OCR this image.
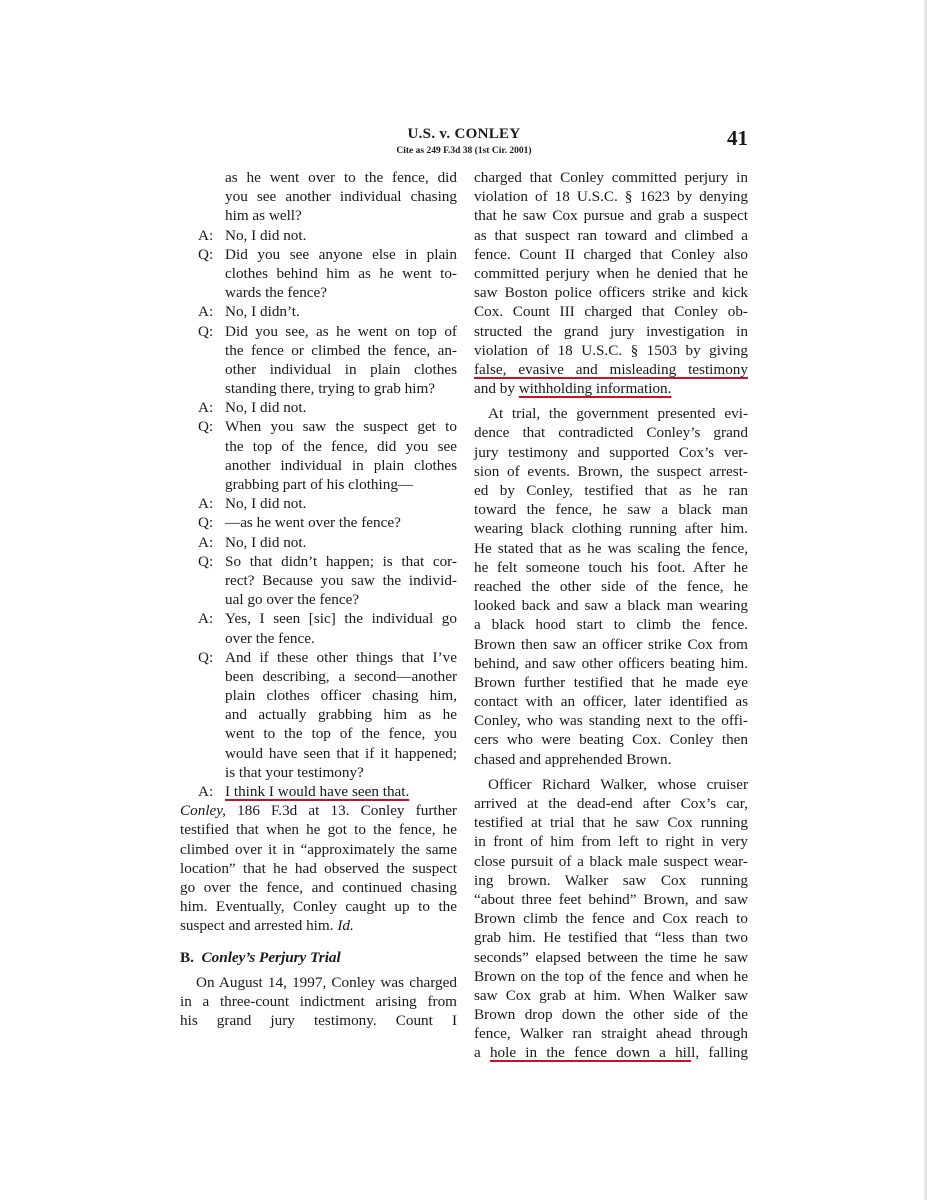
U.S. v. CONLEY
Cite as 249 F.3d 38 (1st Cir. 2001)
41
as he went over to the fence, did
you see another individual chasing
him as well?
A: No, I did not.
Q: Did you see anyone else in plain
clothes behind him as he went to-
wards the fence?
A: No, I didn’t.
Q: Did you see, as he went on top of
the fence or climbed the fence, an-
other individual in plain clothes
standing there, trying to grab him?
A: No, I did not.
Q: When you saw the suspect get to
the top of the fence, did you see
another individual in plain clothes
grabbing part of his clothing—
A: No, I did not.
Q: —as he went over the fence?
A: No, I did not.
Q: So that didn’t happen; is that cor-
rect? Because you saw the individ-
ual go over the fence?
A: Yes, I seen [sic] the individual go
over the fence.
Q: And if these other things that I’ve
been describing, a second—another
plain clothes officer chasing him,
and actually grabbing him as he
went to the top of the fence, you
would have seen that if it happened;
is that your testimony?
A: I think I would have seen that.
Conley, 186 F.3d at 13. Conley further
testified that when he got to the fence, he
climbed over it in “approximately the same
location” that he had observed the suspect
go over the fence, and continued chasing
him. Eventually, Conley caught up to the
suspect and arrested him. Id.
B. Conley’s Perjury Trial
On August 14, 1997, Conley was charged
in a three-count indictment arising from
his grand jury testimony. Count I
charged that Conley committed perjury in
violation of 18 U.S.C. § 1623 by denying
that he saw Cox pursue and grab a suspect
as that suspect ran toward and climbed a
fence. Count II charged that Conley also
committed perjury when he denied that he
saw Boston police officers strike and kick
Cox. Count III charged that Conley ob-
structed the grand jury investigation in
violation of 18 U.S.C. § 1503 by giving
false, evasive and misleading testimony
and by withholding information.
At trial, the government presented evi-
dence that contradicted Conley’s grand
jury testimony and supported Cox’s ver-
sion of events. Brown, the suspect arrest-
ed by Conley, testified that as he ran
toward the fence, he saw a black man
wearing black clothing running after him.
He stated that as he was scaling the fence,
he felt someone touch his foot. After he
reached the other side of the fence, he
looked back and saw a black man wearing
a black hood start to climb the fence.
Brown then saw an officer strike Cox from
behind, and saw other officers beating him.
Brown further testified that he made eye
contact with an officer, later identified as
Conley, who was standing next to the offi-
cers who were beating Cox. Conley then
chased and apprehended Brown.
Officer Richard Walker, whose cruiser
arrived at the dead-end after Cox’s car,
testified at trial that he saw Cox running
in front of him from left to right in very
close pursuit of a black male suspect wear-
ing brown. Walker saw Cox running
“about three feet behind” Brown, and saw
Brown climb the fence and Cox reach to
grab him. He testified that “less than two
seconds” elapsed between the time he saw
Brown on the top of the fence and when he
saw Cox grab at him. When Walker saw
Brown drop down the other side of the
fence, Walker ran straight ahead through
a hole in the fence down a hill, falling
